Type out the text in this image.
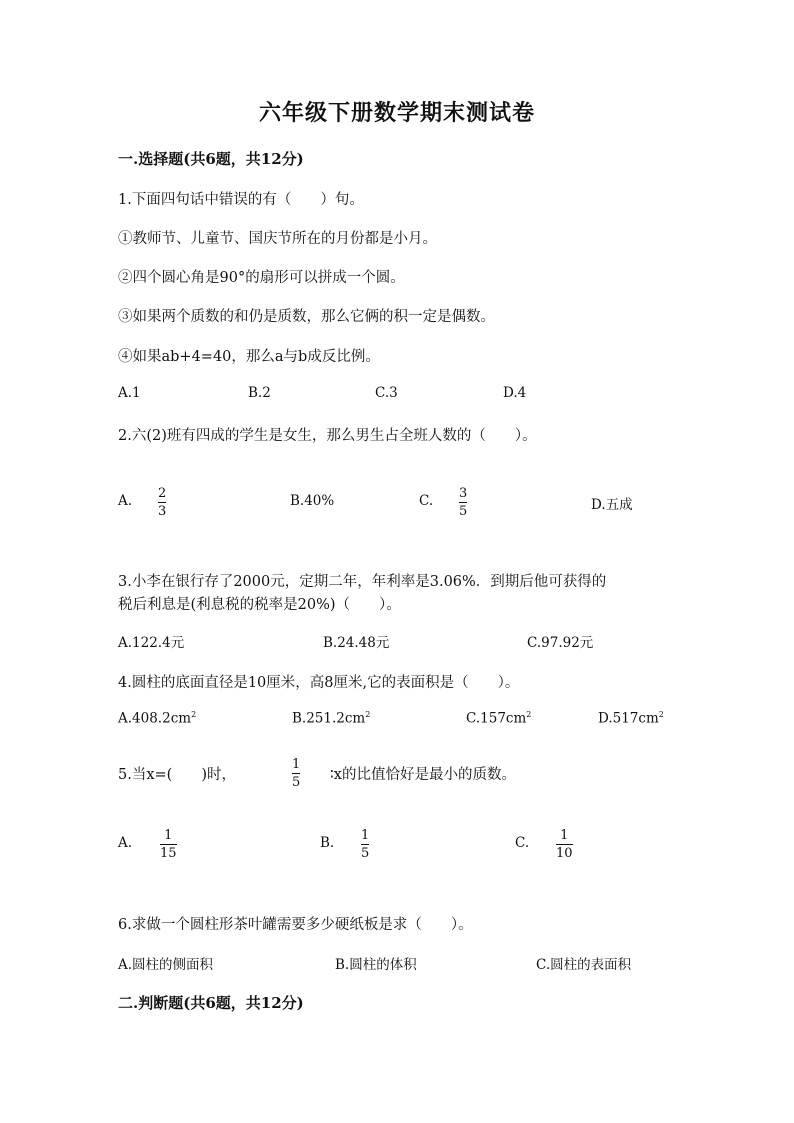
六年级下册数学期末测试卷
一.选择题(共6题，共12分)
1.下面四句话中错误的有（　　）句。
①教师节、儿童节、国庆节所在的月份都是小月。
②四个圆心角是90°的扇形可以拼成一个圆。
③如果两个质数的和仍是质数，那么它俩的积一定是偶数。
④如果ab+4=40，那么a与b成反比例。
A.1	B.2	C.3	D.4
2.六(2)班有四成的学生是女生，那么男生占全班人数的（　　）。
A. 2
3
B.40%	C. 3
5	D.五成
3.小李在银行存了2000元，定期二年，年利率是3.06%．到期后他可获得的
税后利息是(利息税的税率是20%)（　　）。
A.122.4元	B.24.48元	C.97.92元
4.圆柱的底面直径是10厘米，高8厘米,它的表面积是（　　）。
$A.408.2cm^2$	$B.251.2cm^2$	$C.157cm^2$	$D.517cm^2$
5.当x=(　　)时，
1
5 ∶x的比值恰好是最小的质数。
A. 1
15
B. 1
5
C. 1
10
6.求做一个圆柱形茶叶罐需要多少硬纸板是求（　　）。
A.圆柱的侧面积	B.圆柱的体积	C.圆柱的表面积
二.判断题(共6题，共12分)
